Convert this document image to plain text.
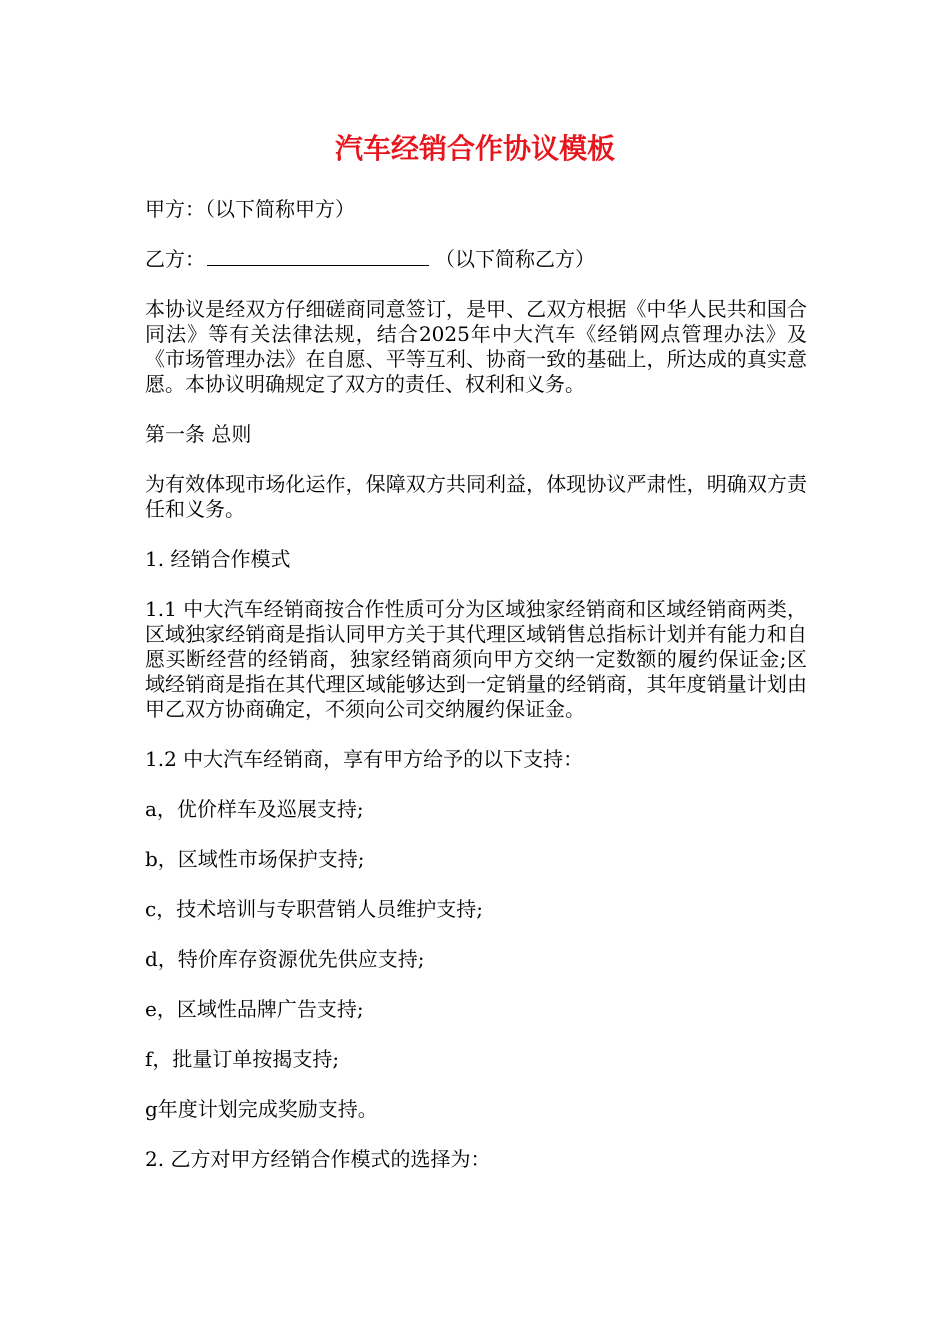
汽车经销合作协议模板

甲方：（以下简称甲方）

乙方：	（以下简称乙方）

本协议是经双方仔细磋商同意签订，是甲、乙双方根据《中华人民共和国合同法》等有关法律法规，结合2025年中大汽车《经销网点管理办法》及《市场管理办法》在自愿、平等互利、协商一致的基础上，所达成的真实意愿。本协议明确规定了双方的责任、权利和义务。

第一条 总则

为有效体现市场化运作，保障双方共同利益，体现协议严肃性，明确双方责任和义务。

1. 经销合作模式

1.1 中大汽车经销商按合作性质可分为区域独家经销商和区域经销商两类，区域独家经销商是指认同甲方关于其代理区域销售总指标计划并有能力和自愿买断经营的经销商，独家经销商须向甲方交纳一定数额的履约保证金;区域经销商是指在其代理区域能够达到一定销量的经销商，其年度销量计划由甲乙双方协商确定，不须向公司交纳履约保证金。

1.2 中大汽车经销商，享有甲方给予的以下支持：

a，优价样车及巡展支持;

b，区域性市场保护支持;

c，技术培训与专职营销人员维护支持;

d，特价库存资源优先供应支持;

e，区域性品牌广告支持;

f，批量订单按揭支持;

g年度计划完成奖励支持。

2. 乙方对甲方经销合作模式的选择为：
